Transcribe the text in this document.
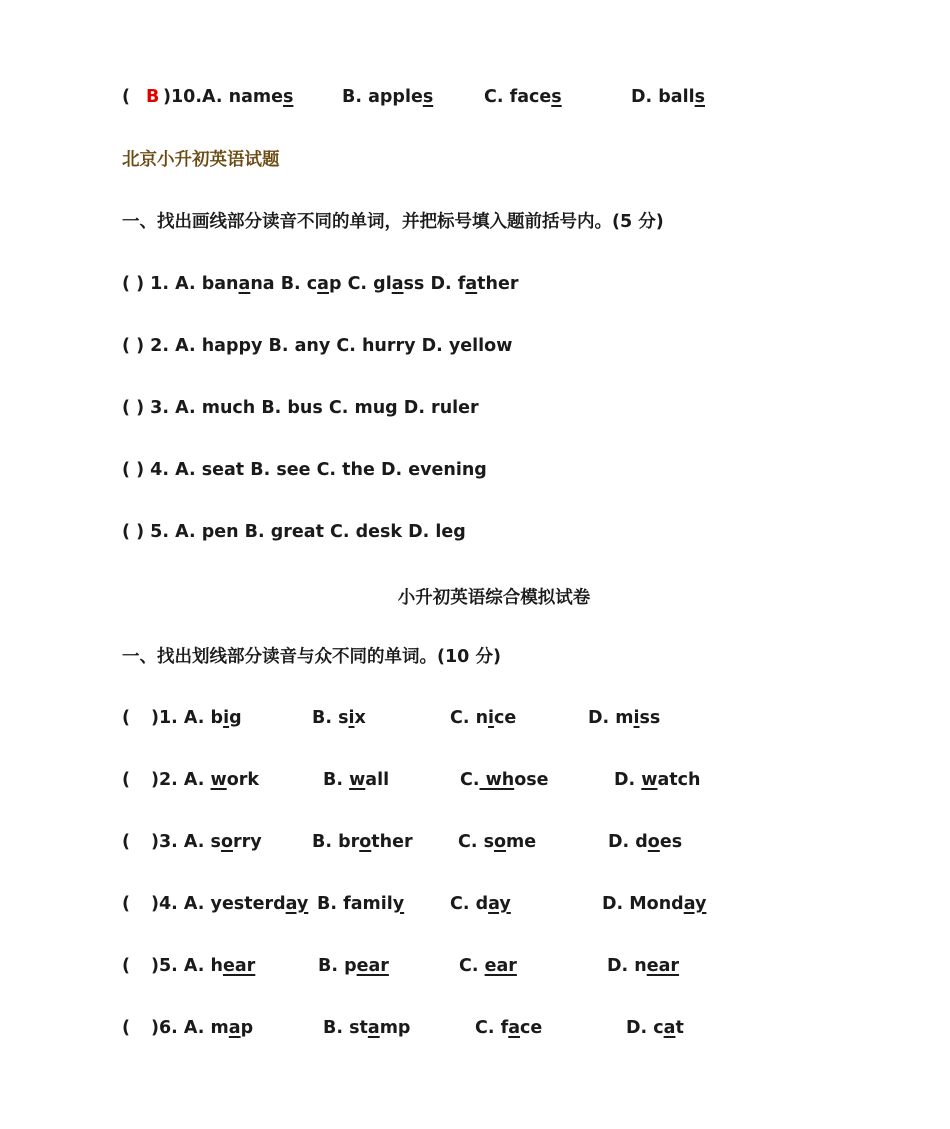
( B )10.A. names	B. apples	C. faces	D. balls
北京小升初英语试题
一、找出画线部分读音不同的单词，并把标号填入题前括号内。(5 分)
( ) 1. A. banana B. cap C. glass D. father
( ) 2. A. happy B. any C. hurry D. yellow
( ) 3. A. much B. bus C. mug D. ruler
( ) 4. A. seat B. see C. the D. evening
( ) 5. A. pen B. great C. desk D. leg
小升初英语综合模拟试卷
一、找出划线部分读音与众不同的单词。(10 分)
( )1. A. big	B. six	C. nice	D. miss
( )2. A. work	B. wall	C. whose	D. watch
( )3. A. sorry	B. brother	C. some	D. does
( )4. A. yesterday B. family	C. day	D. Monday
( )5. A. hear	B. pear	C. ear	D. near
( )6. A. map	B. stamp	C. face	D. cat
